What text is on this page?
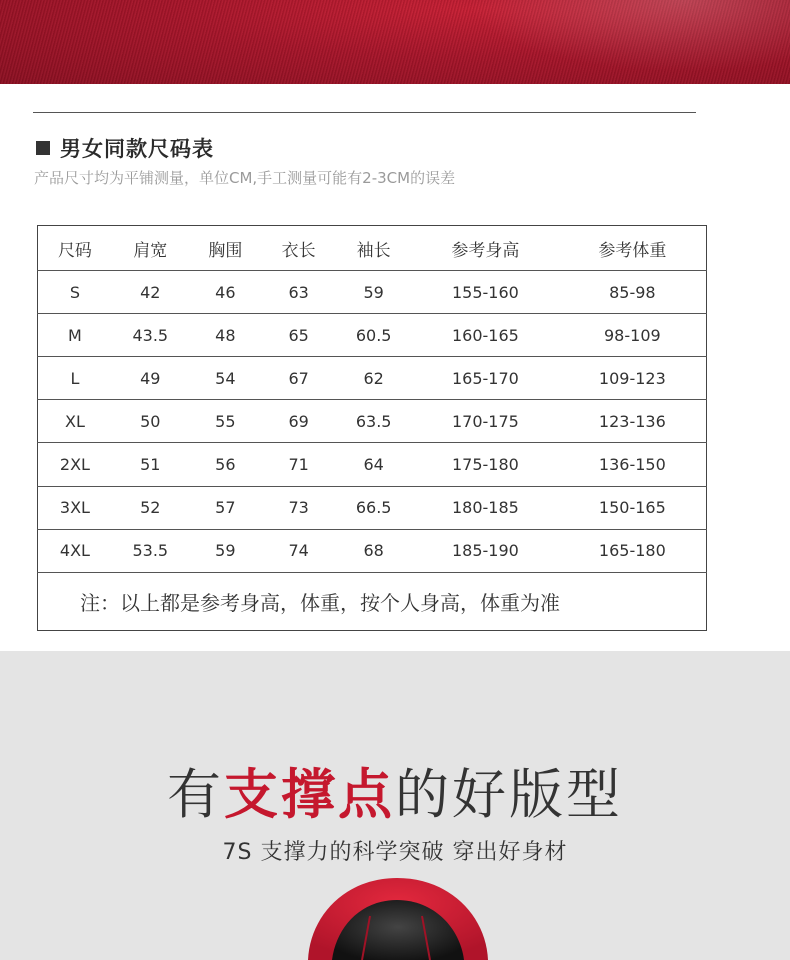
男女同款尺码表
产品尺寸均为平铺测量，单位CM,手工测量可能有2-3CM的误差
尺码	肩宽	胸围	衣长	袖长	参考身高	参考体重
S	42	46	63	59	155-160	85-98
M	43.5	48	65	60.5	160-165	98-109
L	49	54	67	62	165-170	109-123
XL	50	55	69	63.5	170-175	123-136
2XL	51	56	71	64	175-180	136-150
3XL	52	57	73	66.5	180-185	150-165
4XL	53.5	59	74	68	185-190	165-180
注：以上都是参考身高，体重，按个人身高，体重为准						
有支撑点的好版型
7S 支撑力的科学突破 穿出好身材
